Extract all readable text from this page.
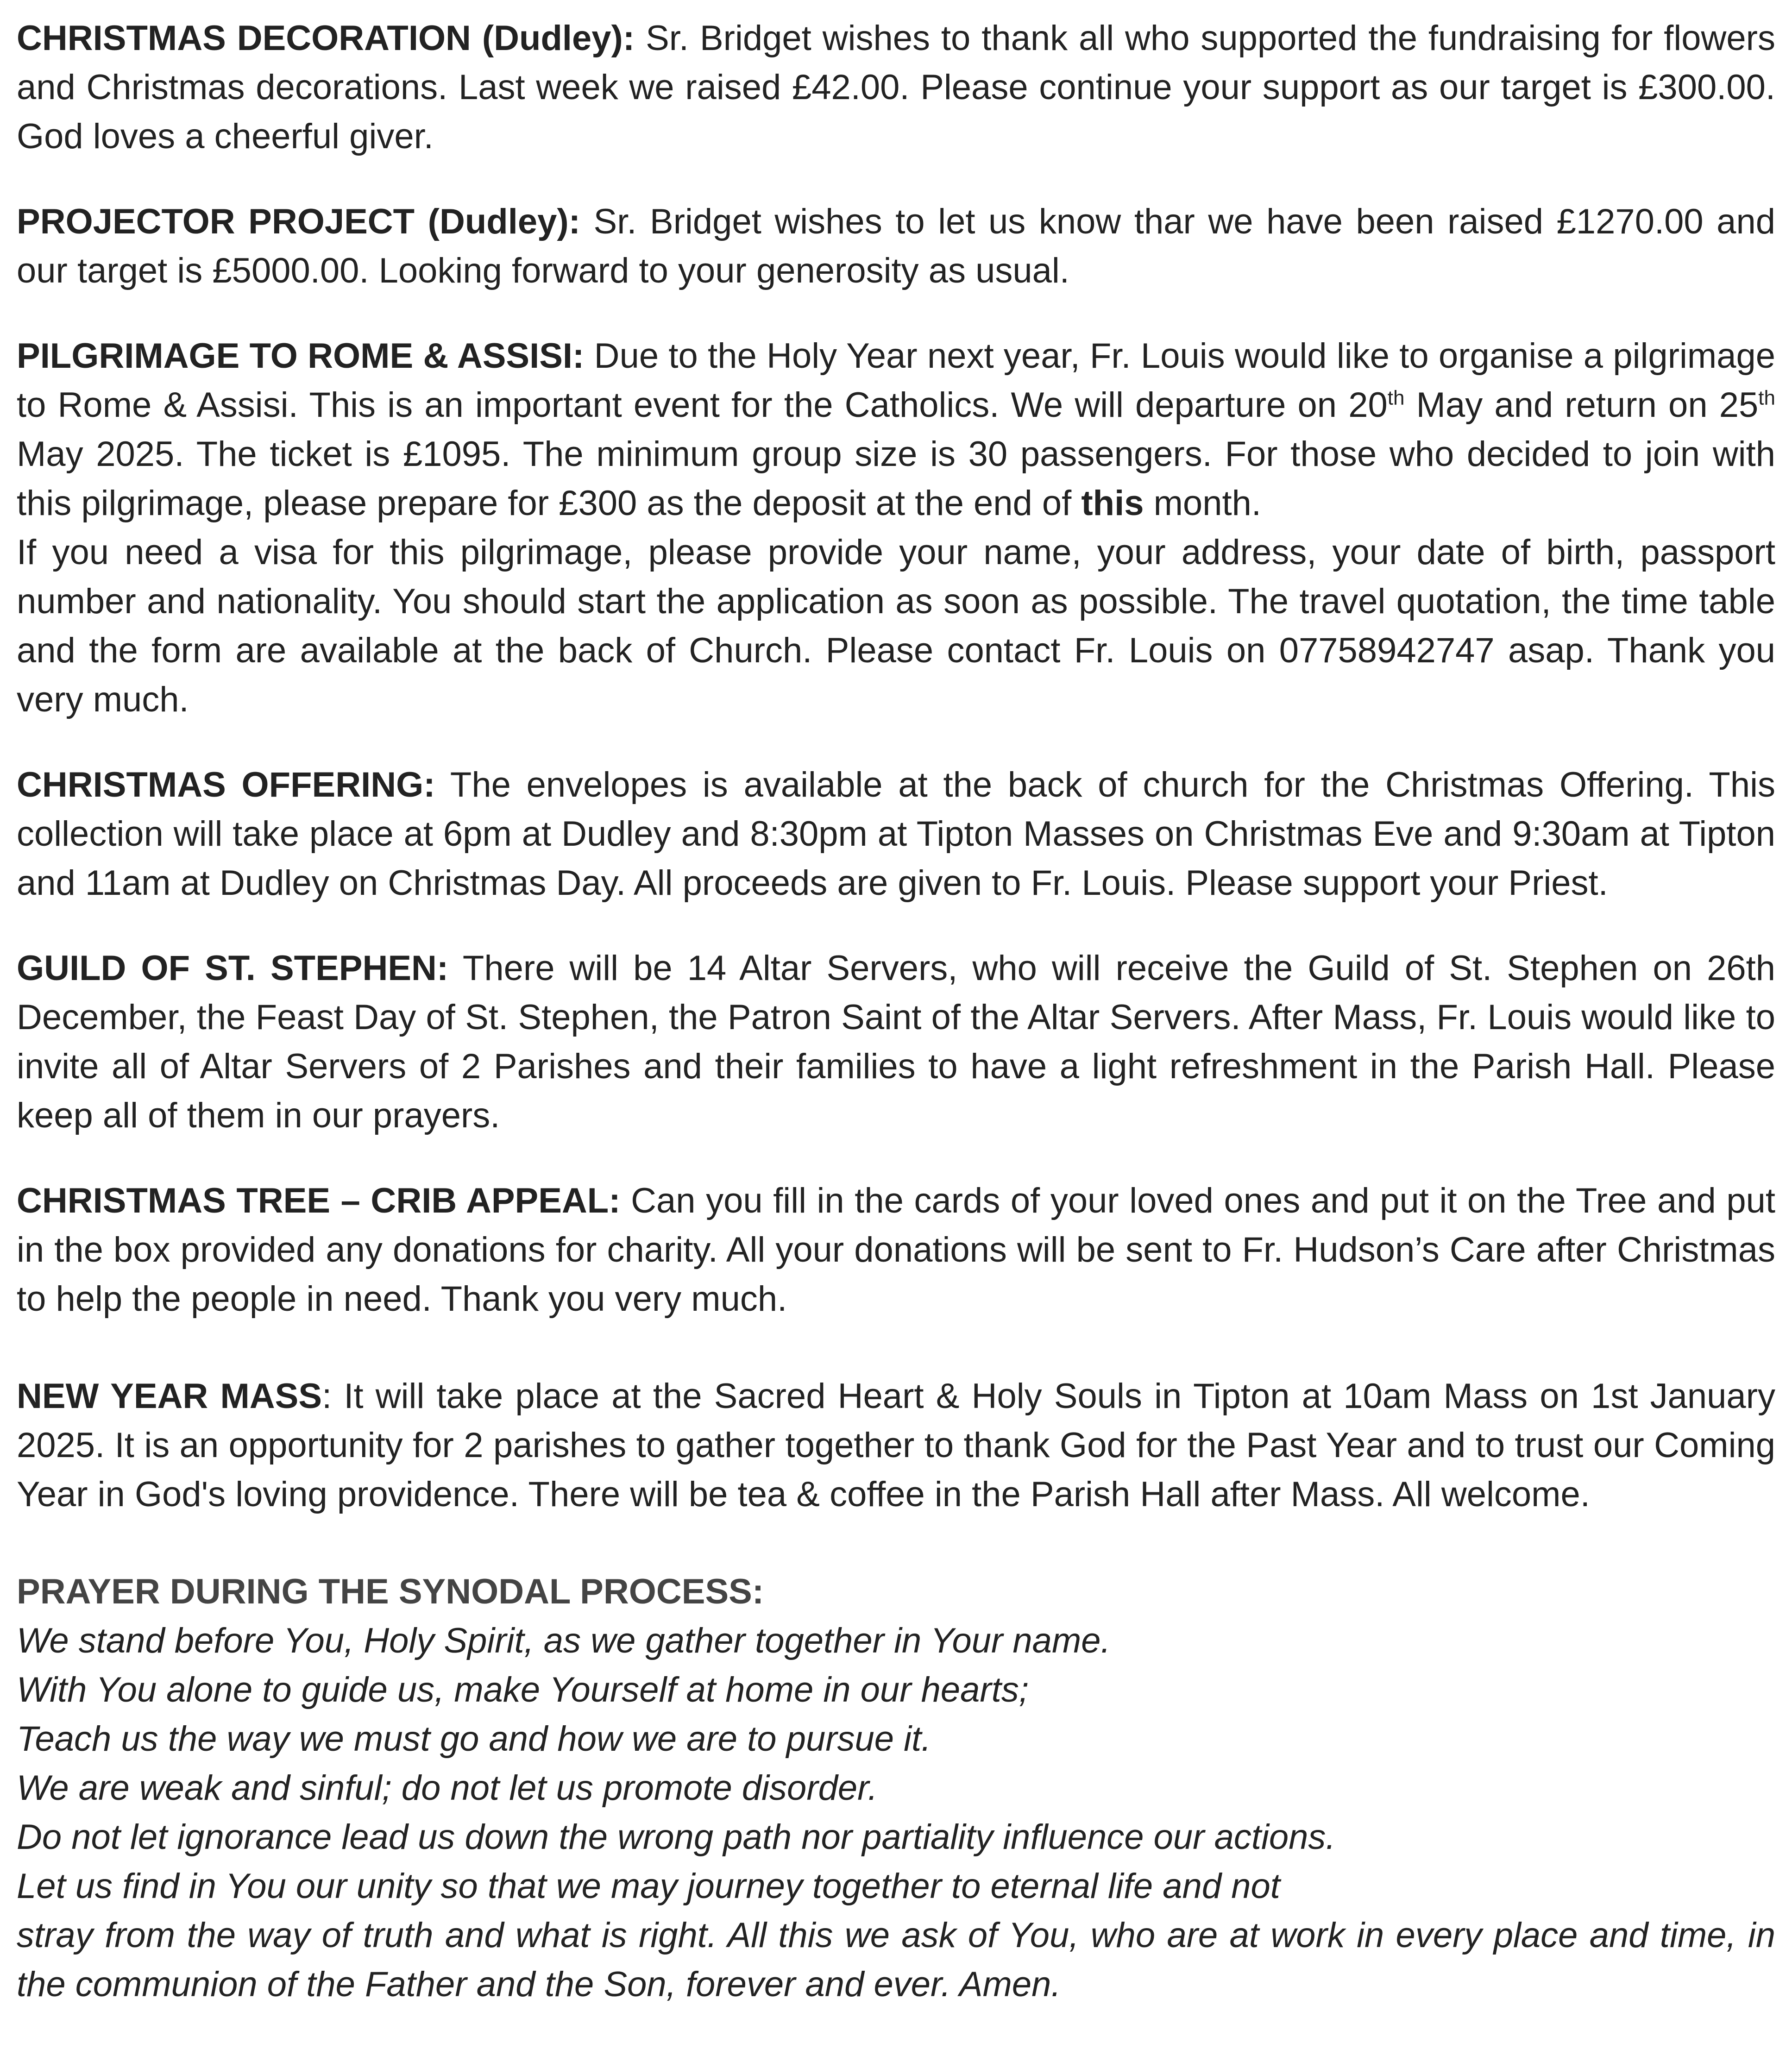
CHRISTMAS DECORATION (Dudley): Sr. Bridget wishes to thank all who supported the fundraising for flowers and Christmas decorations. Last week we raised £42.00. Please continue your support as our target is £300.00. God loves a cheerful giver.

PROJECTOR PROJECT (Dudley): Sr. Bridget wishes to let us know thar we have been raised £1270.00 and our target is £5000.00. Looking forward to your generosity as usual.

PILGRIMAGE TO ROME & ASSISI: Due to the Holy Year next year, Fr. Louis would like to organise a pilgrimage to Rome & Assisi. This is an important event for the Catholics. We will departure on 20th May and return on 25th May 2025. The ticket is £1095. The minimum group size is 30 passengers. For those who decided to join with this pilgrimage, please prepare for £300 as the deposit at the end of this month.

If you need a visa for this pilgrimage, please provide your name, your address, your date of birth, passport number and nationality. You should start the application as soon as possible. The travel quotation, the time table and the form are available at the back of Church. Please contact Fr. Louis on 07758942747 asap. Thank you very much.

CHRISTMAS OFFERING: The envelopes is available at the back of church for the Christmas Offering. This collection will take place at 6pm at Dudley and 8:30pm at Tipton Masses on Christmas Eve and 9:30am at Tipton and 11am at Dudley on Christmas Day. All proceeds are given to Fr. Louis. Please support your Priest.

GUILD OF ST. STEPHEN: There will be 14 Altar Servers, who will receive the Guild of St. Stephen on 26th December, the Feast Day of St. Stephen, the Patron Saint of the Altar Servers. After Mass, Fr. Louis would like to invite all of Altar Servers of 2 Parishes and their families to have a light refreshment in the Parish Hall. Please keep all of them in our prayers.

CHRISTMAS TREE – CRIB APPEAL: Can you fill in the cards of your loved ones and put it on the Tree and put in the box provided any donations for charity. All your donations will be sent to Fr. Hudson’s Care after Christmas to help the people in need. Thank you very much.

NEW YEAR MASS: It will take place at the Sacred Heart & Holy Souls in Tipton at 10am Mass on 1st January 2025. It is an opportunity for 2 parishes to gather together to thank God for the Past Year and to trust our Coming Year in God's loving providence. There will be tea & coffee in the Parish Hall after Mass. All welcome.

PRAYER DURING THE SYNODAL PROCESS:

We stand before You, Holy Spirit, as we gather together in Your name.

With You alone to guide us, make Yourself at home in our hearts;

Teach us the way we must go and how we are to pursue it.

We are weak and sinful; do not let us promote disorder.

Do not let ignorance lead us down the wrong path nor partiality influence our actions.

Let us find in You our unity so that we may journey together to eternal life and not

stray from the way of truth and what is right. All this we ask of You, who are at work in every place and time, in the communion of the Father and the Son, forever and ever. Amen.
